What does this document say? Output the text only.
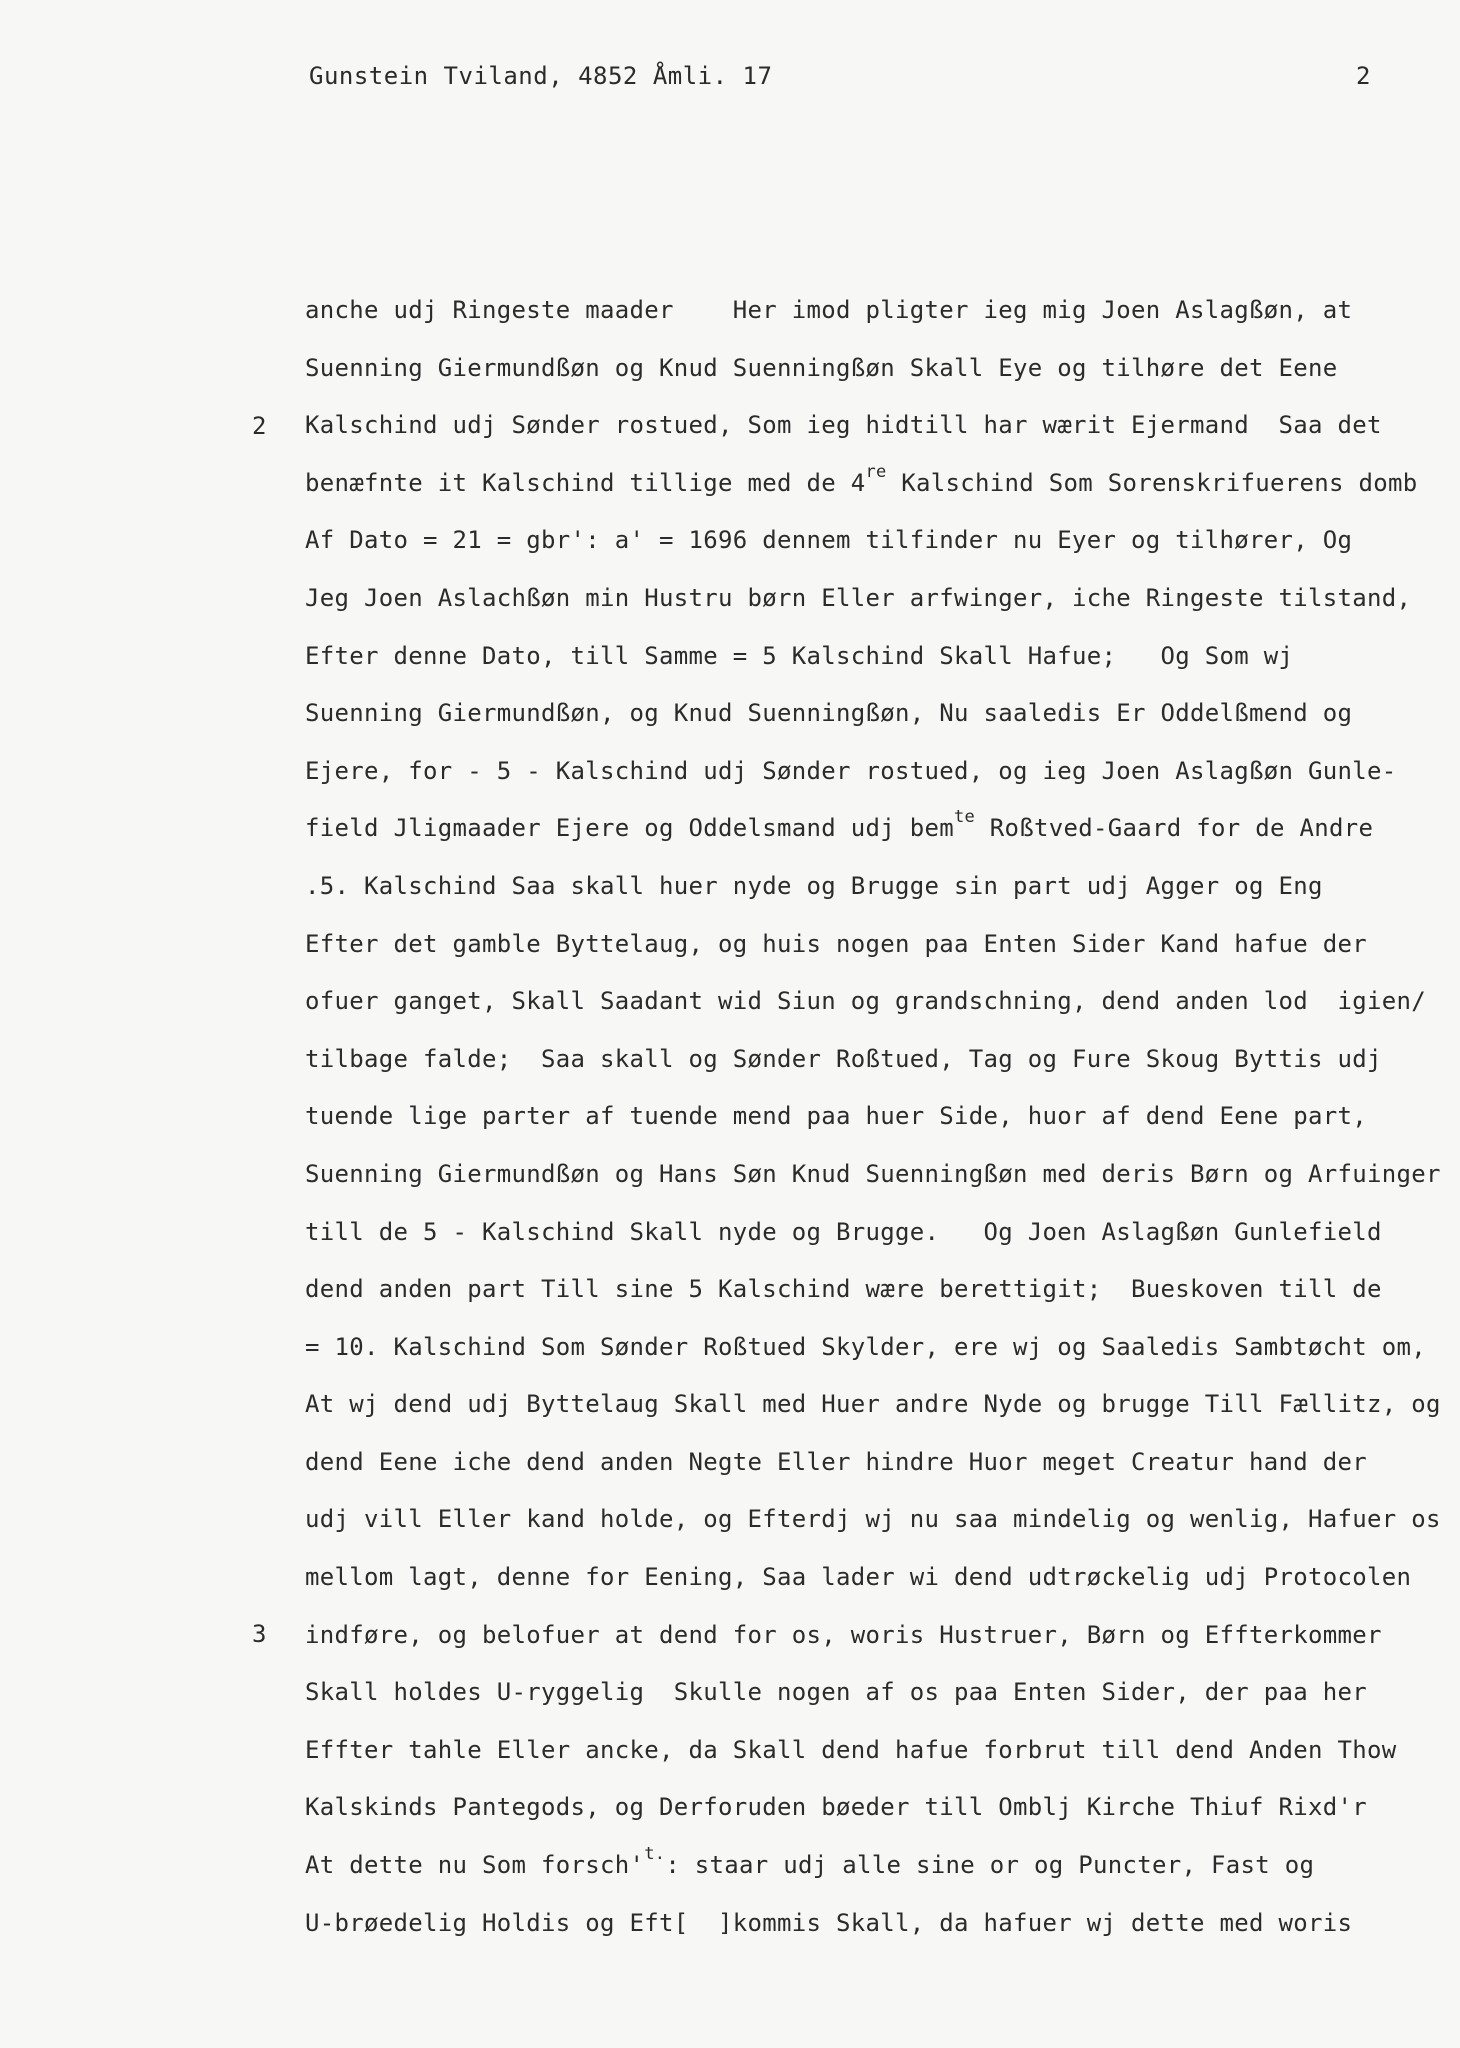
Gunstein Tviland, 4852 Åmli. 17	2
2
3
anche udj Ringeste maader    Her imod pligter ieg mig Joen Aslagßøn, at
Suenning Giermundßøn og Knud Suenningßøn Skall Eye og tilhøre det Eene
Kalschind udj Sønder rostued, Som ieg hidtill har wærit Ejermand  Saa det
benæfnte it Kalschind tillige med de 4re Kalschind Som Sorenskrifuerens domb
Af Dato = 21 = gbr': a' = 1696 dennem tilfinder nu Eyer og tilhører, Og
Jeg Joen Aslachßøn min Hustru børn Eller arfwinger, iche Ringeste tilstand,
Efter denne Dato, till Samme = 5 Kalschind Skall Hafue;   Og Som wj
Suenning Giermundßøn, og Knud Suenningßøn, Nu saaledis Er Oddelßmend og
Ejere, for - 5 - Kalschind udj Sønder rostued, og ieg Joen Aslagßøn Gunle-
field Jligmaader Ejere og Oddelsmand udj bem$^{te}$ Roßtved-Gaard for de Andre
.5. Kalschind Saa skall huer nyde og Brugge sin part udj Agger og Eng
Efter det gamble Byttelaug, og huis nogen paa Enten Sider Kand hafue der
ofuer ganget, Skall Saadant wid Siun og grandschning, dend anden lod  igien/
tilbage falde;  Saa skall og Sønder Roßtued, Tag og Fure Skoug Byttis udj
tuende lige parter af tuende mend paa huer Side, huor af dend Eene part,
Suenning Giermundßøn og Hans Søn Knud Suenningßøn med deris Børn og Arfuinger
till de 5 - Kalschind Skall nyde og Brugge.   Og Joen Aslagßøn Gunlefield
dend anden part Till sine 5 Kalschind wære berettigit;  Bueskoven till de
= 10. Kalschind Som Sønder Roßtued Skylder, ere wj og Saaledis Sambtøcht om,
At wj dend udj Byttelaug Skall med Huer andre Nyde og brugge Till Fællitz, og
dend Eene iche dend anden Negte Eller hindre Huor meget Creatur hand der
udj vill Eller kand holde, og Efterdj wj nu saa mindelig og wenlig, Hafuer os
mellom lagt, denne for Eening, Saa lader wi dend udtrøckelig udj Protocolen
indføre, og belofuer at dend for os, woris Hustruer, Børn og Effterkommer
Skall holdes U-ryggelig  Skulle nogen af os paa Enten Sider, der paa her
Effter tahle Eller ancke, da Skall dend hafue forbrut till dend Anden Thow
Kalskinds Pantegods, og Derforuden bøeder till Omblj Kirche Thiuf Rixd'r
At dette nu Som $forsch'^{t.}$: staar udj alle sine or og Puncter, Fast og
U-brøedelig Holdis og Eft[  ]kommis Skall, da hafuer wj dette med woris
